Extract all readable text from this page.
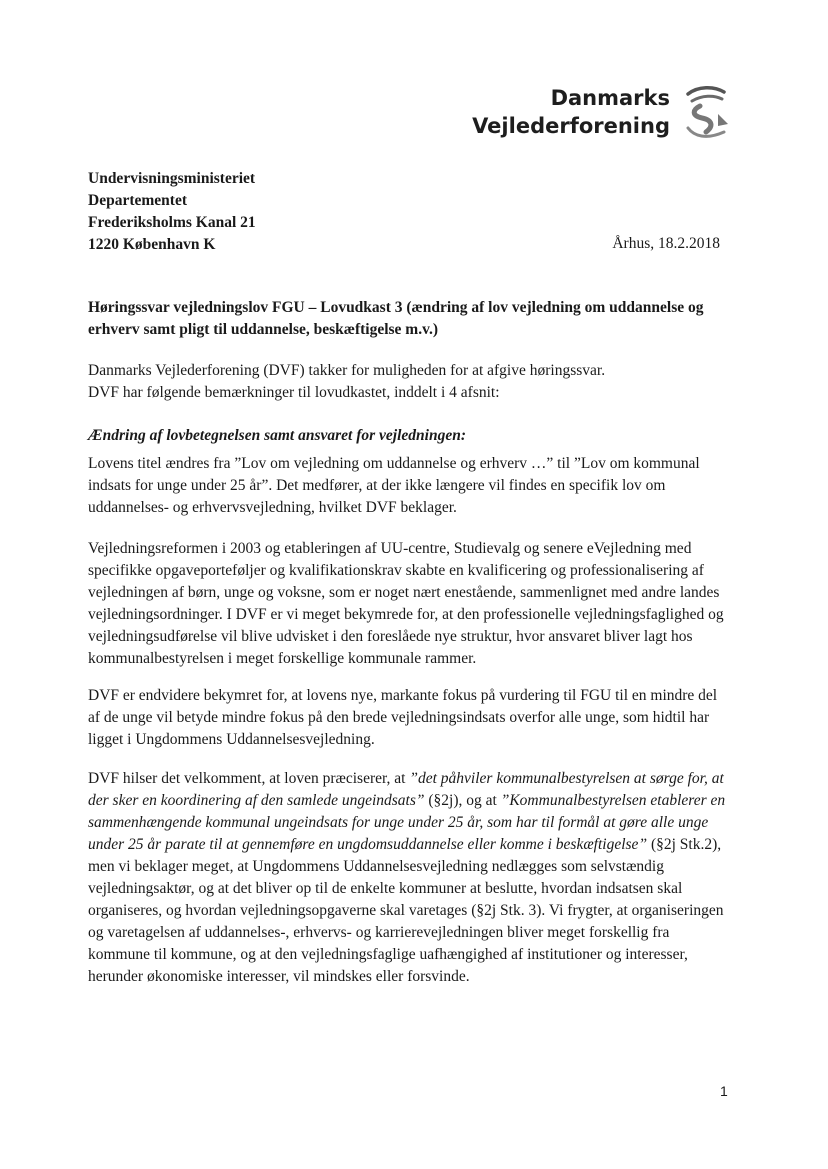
Danmarks
Vejlederforening
Undervisningsministeriet
Departementet
Frederiksholms Kanal 21
1220 København K	Århus, 18.2.2018
Høringssvar vejledningslov FGU – Lovudkast 3 (ændring af lov vejledning om uddannelse og erhverv samt pligt til uddannelse, beskæftigelse m.v.)
Danmarks Vejlederforening (DVF) takker for muligheden for at afgive høringssvar.
DVF har følgende bemærkninger til lovudkastet, inddelt i 4 afsnit:
Ændring af lovbetegnelsen samt ansvaret for vejledningen:

Lovens titel ændres fra ”Lov om vejledning om uddannelse og erhverv …” til ”Lov om kommunal indsats for unge under 25 år”. Det medfører, at der ikke længere vil findes en specifik lov om uddannelses- og erhvervsvejledning, hvilket DVF beklager.

Vejledningsreformen i 2003 og etableringen af UU-centre, Studievalg og senere eVejledning med specifikke opgaveporteføljer og kvalifikationskrav skabte en kvalificering og professionalisering af vejledningen af børn, unge og voksne, som er noget nært enestående, sammenlignet med andre landes vejledningsordninger. I DVF er vi meget bekymrede for, at den professionelle vejledningsfaglighed og vejledningsudførelse vil blive udvisket i den foreslåede nye struktur, hvor ansvaret bliver lagt hos kommunalbestyrelsen i meget forskellige kommunale rammer.

DVF er endvidere bekymret for, at lovens nye, markante fokus på vurdering til FGU til en mindre del af de unge vil betyde mindre fokus på den brede vejledningsindsats overfor alle unge, som hidtil har ligget i Ungdommens Uddannelsesvejledning.

DVF hilser det velkomment, at loven præciserer, at ”det påhviler kommunalbestyrelsen at sørge for, at der sker en koordinering af den samlede ungeindsats” (§2j), og at ”Kommunalbestyrelsen etablerer en sammenhængende kommunal ungeindsats for unge under 25 år, som har til formål at gøre alle unge under 25 år parate til at gennemføre en ungdomsuddannelse eller komme i beskæftigelse” (§2j Stk.2), men vi beklager meget, at Ungdommens Uddannelsesvejledning nedlægges som selvstændig vejledningsaktør, og at det bliver op til de enkelte kommuner at beslutte, hvordan indsatsen skal organiseres, og hvordan vejledningsopgaverne skal varetages (§2j Stk. 3). Vi frygter, at organiseringen og varetagelsen af uddannelses-, erhvervs- og karrierevejledningen bliver meget forskellig fra kommune til kommune, og at den vejledningsfaglige uafhængighed af institutioner og interesser, herunder økonomiske interesser, vil mindskes eller forsvinde.

1
